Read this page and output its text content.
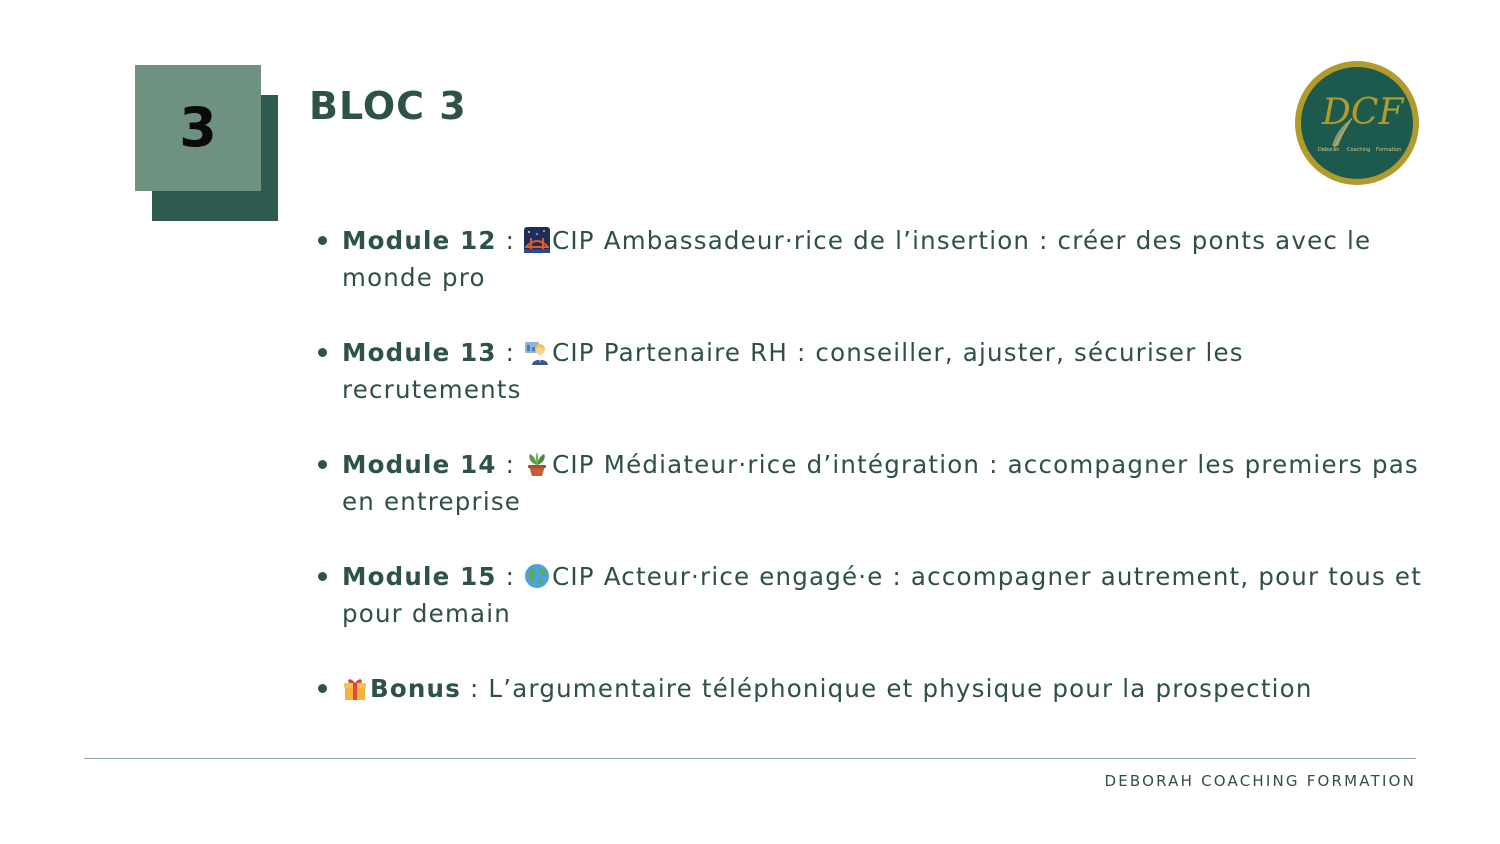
3 BLOC 3	DCF
Deborah Coaching Formation
Module 12 : CIP Ambassadeur·rice de l’insertion : créer des ponts avec le monde pro
Module 13 : CIP Partenaire RH : conseiller, ajuster, sécuriser les recrutements
Module 14 : CIP Médiateur·rice d’intégration : accompagner les premiers pas en entreprise
Module 15 : CIP Acteur·rice engagé·e : accompagner autrement, pour tous et pour demain
Bonus : L’argumentaire téléphonique et physique pour la prospection
DEBORAH COACHING FORMATION
